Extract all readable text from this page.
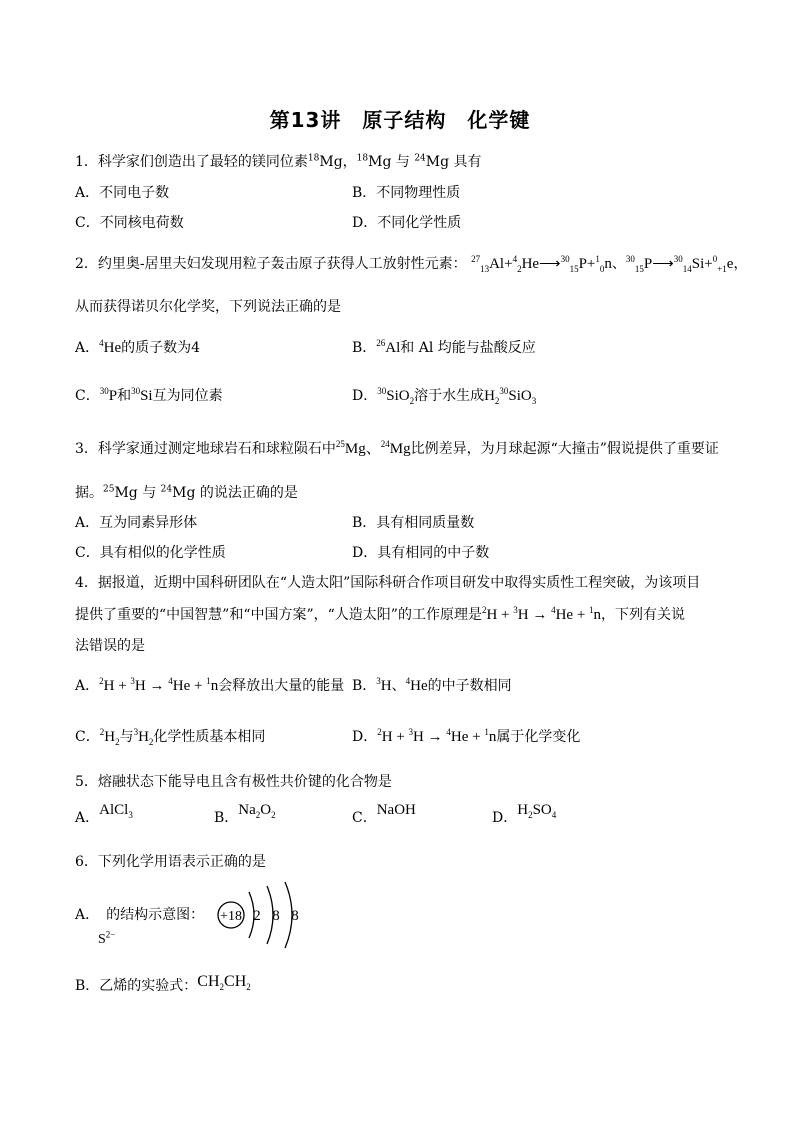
第13讲　原子结构　化学键
1．科学家们创造出了最轻的镁同位素$^{18}$Mg，$^{18}$Mg 与 $^{24}$Mg 具有
A．不同电子数	B．不同物理性质
C．不同核电荷数	D．不同化学性质
2．约里奥-居里夫妇发现用粒子轰击原子获得人工放射性元素： $^{27}_{13}$Al+$^4_2$He⟶$^{30}_{15}$P+$^1_0$n、$^{30}_{15}$P⟶$^{30}_{14}$Si+$^0_{+1}$e，
从而获得诺贝尔化学奖，下列说法正确的是
A．$^4$He的质子数为4	B．$^{26}$Al和 Al 均能与盐酸反应
C．$^{30}$P和$^{30}$Si互为同位素	D．$^{30}$SiO$_2$溶于水生成$H_2^{30}SiO_3$
3．科学家通过测定地球岩石和球粒陨石中$^{25}$Mg、$^{24}$Mg比例差异，为月球起源“大撞击”假说提供了重要证
据。$^{25}$Mg 与 $^{24}$Mg 的说法正确的是
A．互为同素异形体	B．具有相同质量数
C．具有相似的化学性质	D．具有相同的中子数
4．据报道，近期中国科研团队在“人造太阳”国际科研合作项目研发中取得实质性工程突破，为该项目
提供了重要的“中国智慧”和“中国方案”，“人造太阳”的工作原理是$^2$H + $^3$H → $^4$He + $^1$n，下列有关说
法错误的是
A．$^2$H + $^3$H → $^4$He + $^1$n会释放出大量的能量 B．$^3$H、$^4$He的中子数相同
C．$^2H_2$与$^3H_2$化学性质基本相同	D．$^2$H + $^3$H → $^4$He + $^1$n属于化学变化
5．熔融状态下能导电且含有极性共价键的化合物是
A．AlCl$_3$	B．$Na_2O_2$	C．NaOH	D．$H_2SO_4$
6．下列化学用语表示正确的是
A．　 的结构示意图：
$S^{2-}$
+18 2 8 8
B．乙烯的实验式：$CH_2CH_2$
